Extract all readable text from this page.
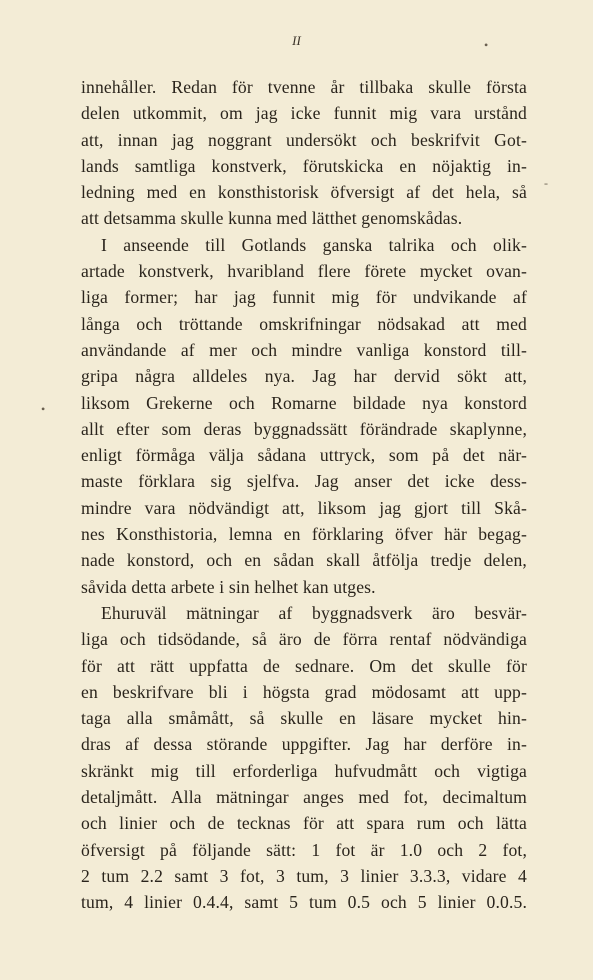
II	•
-
•
innehåller. Redan för tvenne år tillbaka skulle första
delen utkommit, om jag icke funnit mig vara urstånd
att, innan jag noggrant undersökt och beskrifvit Got-
lands samtliga konstverk, förutskicka en nöjaktig in-
ledning med en konsthistorisk öfversigt af det hela, så
att detsamma skulle kunna med lätthet genomskådas.
I anseende till Gotlands ganska talrika och olik-
artade konstverk, hvaribland flere förete mycket ovan-
liga former; har jag funnit mig för undvikande af
långa och tröttande omskrifningar nödsakad att med
användande af mer och mindre vanliga konstord till-
gripa några alldeles nya. Jag har dervid sökt att,
liksom Grekerne och Romarne bildade nya konstord
allt efter som deras byggnadssätt förändrade skaplynne,
enligt förmåga välja sådana uttryck, som på det när-
maste förklara sig sjelfva. Jag anser det icke dess-
mindre vara nödvändigt att, liksom jag gjort till Skå-
nes Konsthistoria, lemna en förklaring öfver här begag-
nade konstord, och en sådan skall åtfölja tredje delen,
såvida detta arbete i sin helhet kan utges.
Ehuruväl mätningar af byggnadsverk äro besvär-
liga och tidsödande, så äro de förra rentaf nödvändiga
för att rätt uppfatta de sednare. Om det skulle för
en beskrifvare bli i högsta grad mödosamt att upp-
taga alla småmått, så skulle en läsare mycket hin-
dras af dessa störande uppgifter. Jag har derföre in-
skränkt mig till erforderliga hufvudmått och vigtiga
detaljmått. Alla mätningar anges med fot, decimaltum
och linier och de tecknas för att spara rum och lätta
öfversigt på följande sätt: 1 fot är 1.0 och 2 fot,
2 tum 2.2 samt 3 fot, 3 tum, 3 linier 3.3.3, vidare 4
tum, 4 linier 0.4.4, samt 5 tum 0.5 och 5 linier 0.0.5.
